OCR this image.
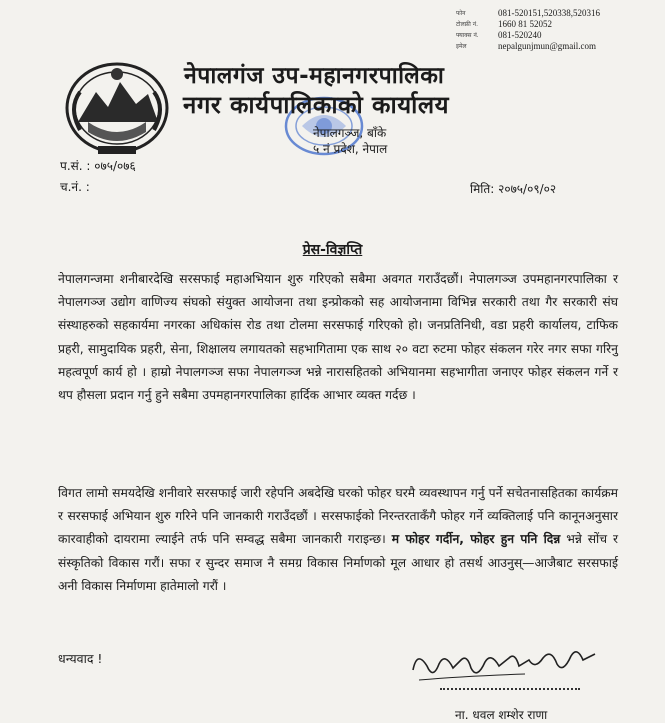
फोन	081-520151,520338,520316
टोलफ्री नं.	1660 81 52052
फ्याक्स नं.	081-520240
इमेल	nepalgunjmun@gmail.com
नेपालगंज उप-महानगरपालिका
नगर कार्यपालिकाको कार्यालय
नेपालगञ्ज, बाँके
५ नं प्रदेश, नेपाल
प.सं. : ०७५/०७६
च.नं. :	मिति: २०७५/०९/०२
प्रेस-विज्ञप्ति
नेपालगन्जमा शनीबारदेखि सरसफाई महाअभियान शुरु गरिएको सबैमा अवगत गराउँदछौं। नेपालगञ्ज उपमहानगरपालिका र नेपालगञ्ज उद्योग वाणिज्य संघको संयुक्त आयोजना तथा इन्प्रोकको सह आयोजनामा विभिन्न सरकारी तथा गैर सरकारी संघ संस्थाहरुको सहकार्यमा नगरका अधिकांस रोड तथा टोलमा सरसफाई गरिएको हो। जनप्रतिनिधी, वडा प्रहरी कार्यालय, टाफिक प्रहरी, सामुदायिक प्रहरी, सेना, शिक्षालय लगायतको सहभागितामा एक साथ २० वटा रुटमा फोहर संकलन गरेर नगर सफा गरिनु महत्वपूर्ण कार्य हो । हाम्रो नेपालगञ्ज सफा नेपालगञ्ज भन्ने नारासहितको अभियानमा सहभागीता जनाएर फोहर संकलन गर्ने र थप हौसला प्रदान गर्नु हुने सबैमा उपमहानगरपालिका हार्दिक आभार व्यक्त गर्दछ ।
विगत लामो समयदेखि शनीवारे सरसफाई जारी रहेपनि अबदेखि घरको फोहर घरमै व्यवस्थापन गर्नु पर्ने सचेतनासहितका कार्यक्रम र सरसफाई अभियान शुरु गरिने पनि जानकारी गराउँदछौं । सरसफाईको निरन्तरताकँगै फोहर गर्ने व्यक्तिलाई पनि कानूनअनुसार कारवाहीको दायरामा ल्याईने तर्फ पनि सम्वद्ध सबैमा जानकारी गराइन्छ। म फोहर गर्दीन, फोहर हुन पनि दिन्न भन्ने सोंच र संस्कृतिको विकास गरौं। सफा र सुन्दर समाज नै समग्र विकास निर्माणको मूल आधार हो तसर्थ आउनुस्—आजैबाट सरसफाई अनी विकास निर्माणमा हातेमालो गरौं ।
धन्यवाद !
ना. धवल शम्शेर राणा
